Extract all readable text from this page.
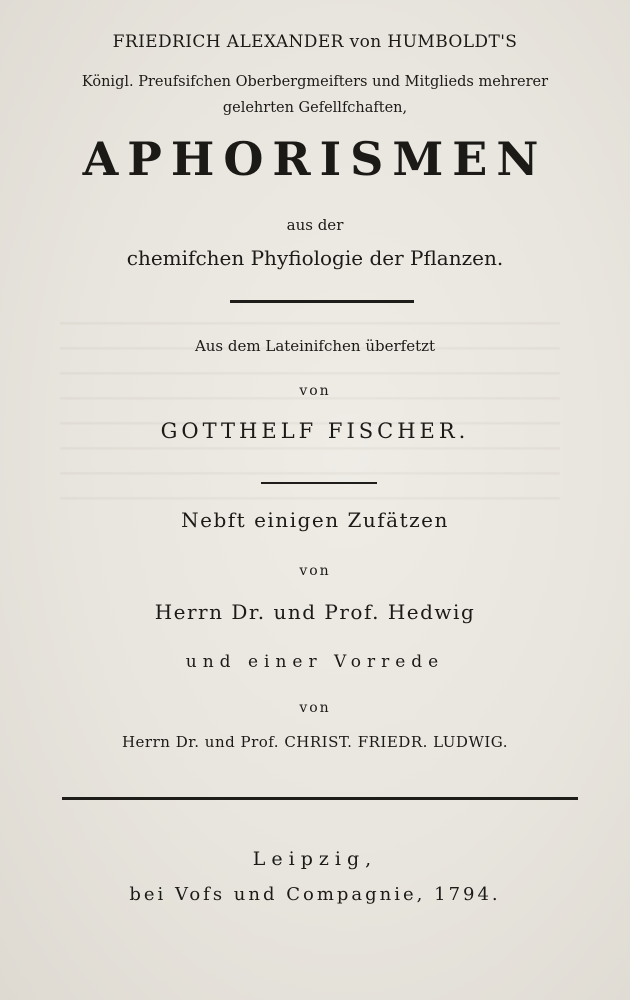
FRIEDRICH ALEXANDER von HUMBOLDT'S
Königl. Preufsifchen Oberbergmeifters und Mitglieds mehrerer
gelehrten Gefellfchaften,
APHORISMEN
aus der
chemifchen Phyfiologie der Pflanzen.
Aus dem Lateinifchen überfetzt
von
GOTTHELF FISCHER.
Nebft einigen Zufätzen
von
Herrn Dr. und Prof. Hedwig
und einer Vorrede
von
Herrn Dr. und Prof. CHRIST. FRIEDR. LUDWIG.
Leipzig,
bei Vofs und Compagnie, 1794.
